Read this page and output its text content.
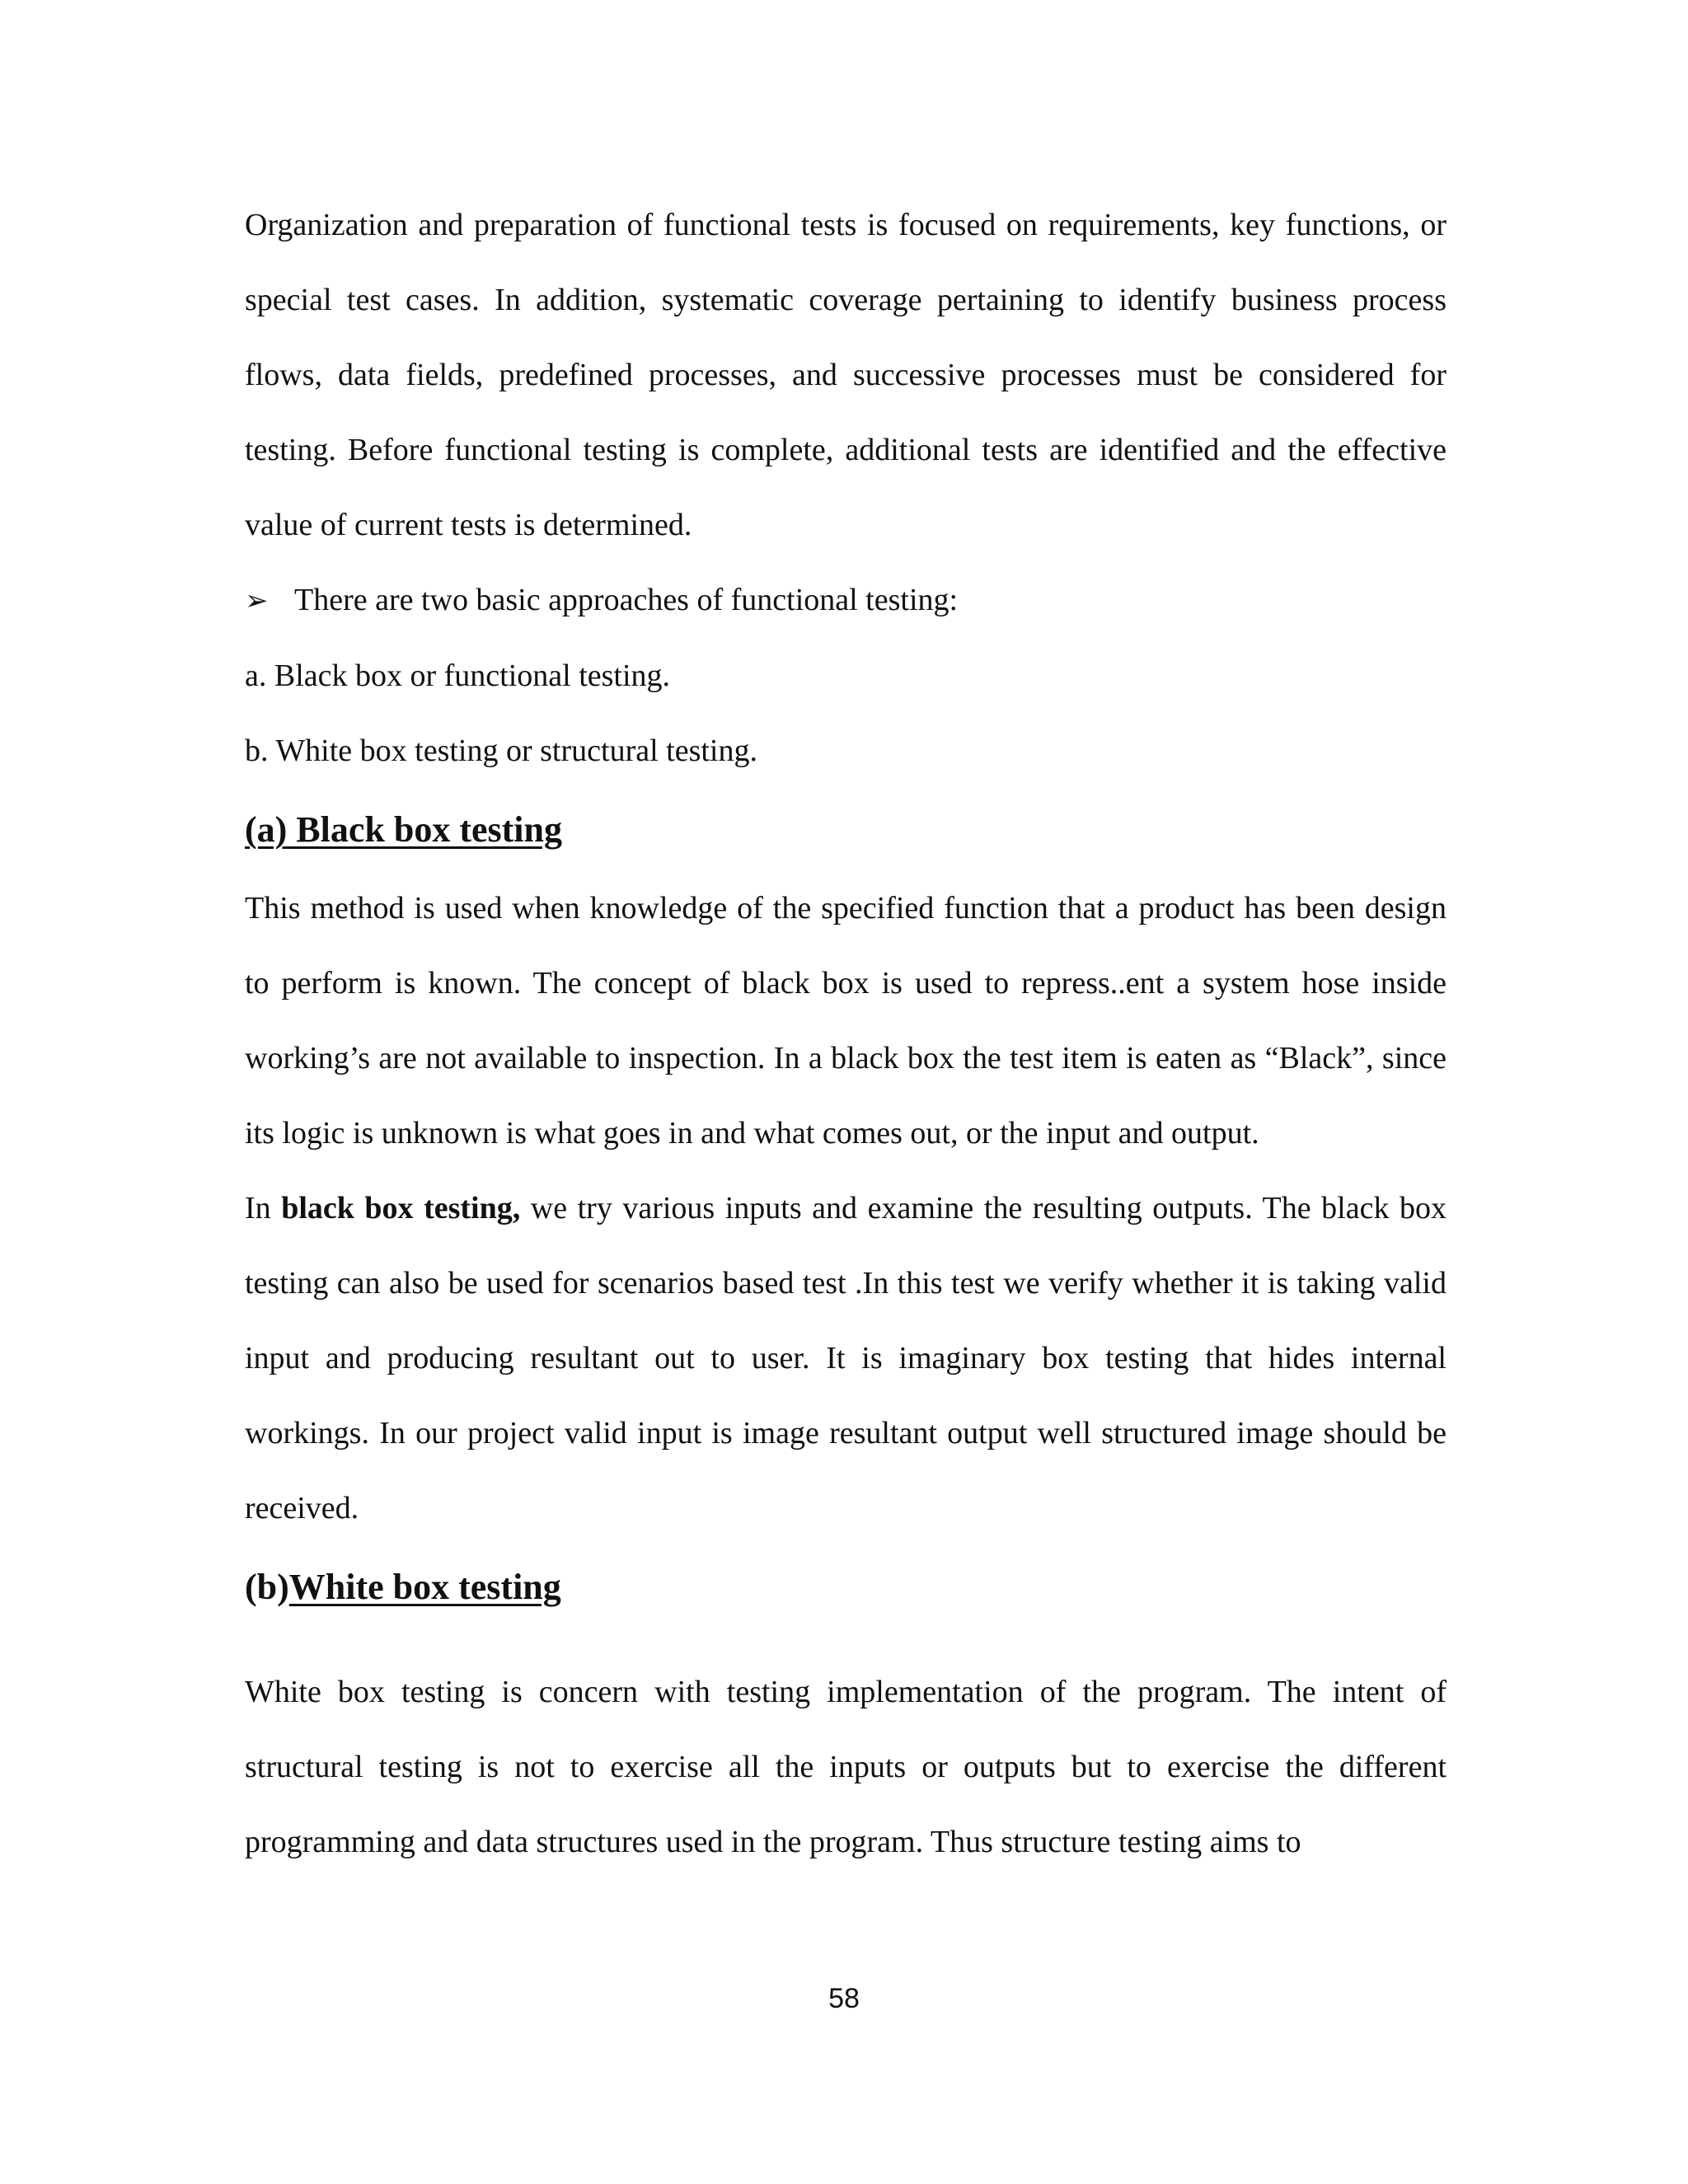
Organization and preparation of functional tests is focused on requirements, key functions, or special test cases. In addition, systematic coverage pertaining to identify business process flows, data fields, predefined processes, and successive processes must be considered for testing. Before functional testing is complete, additional tests are identified and the effective value of current tests is determined.

➢ There are two basic approaches of functional testing:

a. Black box or functional testing.

b. White box testing or structural testing.

(a) Black box testing

This method is used when knowledge of the specified function that a product has been design to perform is known. The concept of black box is used to repress..ent a system hose inside working’s are not available to inspection. In a black box the test item is eaten as “Black”, since its logic is unknown is what goes in and what comes out, or the input and output.

In black box testing, we try various inputs and examine the resulting outputs. The black box testing can also be used for scenarios based test .In this test we verify whether it is taking valid input and producing resultant out to user. It is imaginary box testing that hides internal workings. In our project valid input is image resultant output well structured image should be received.

(b)White box testing

White box testing is concern with testing implementation of the program. The intent of structural testing is not to exercise all the inputs or outputs but to exercise the different programming and data structures used in the program. Thus structure testing aims to

58
